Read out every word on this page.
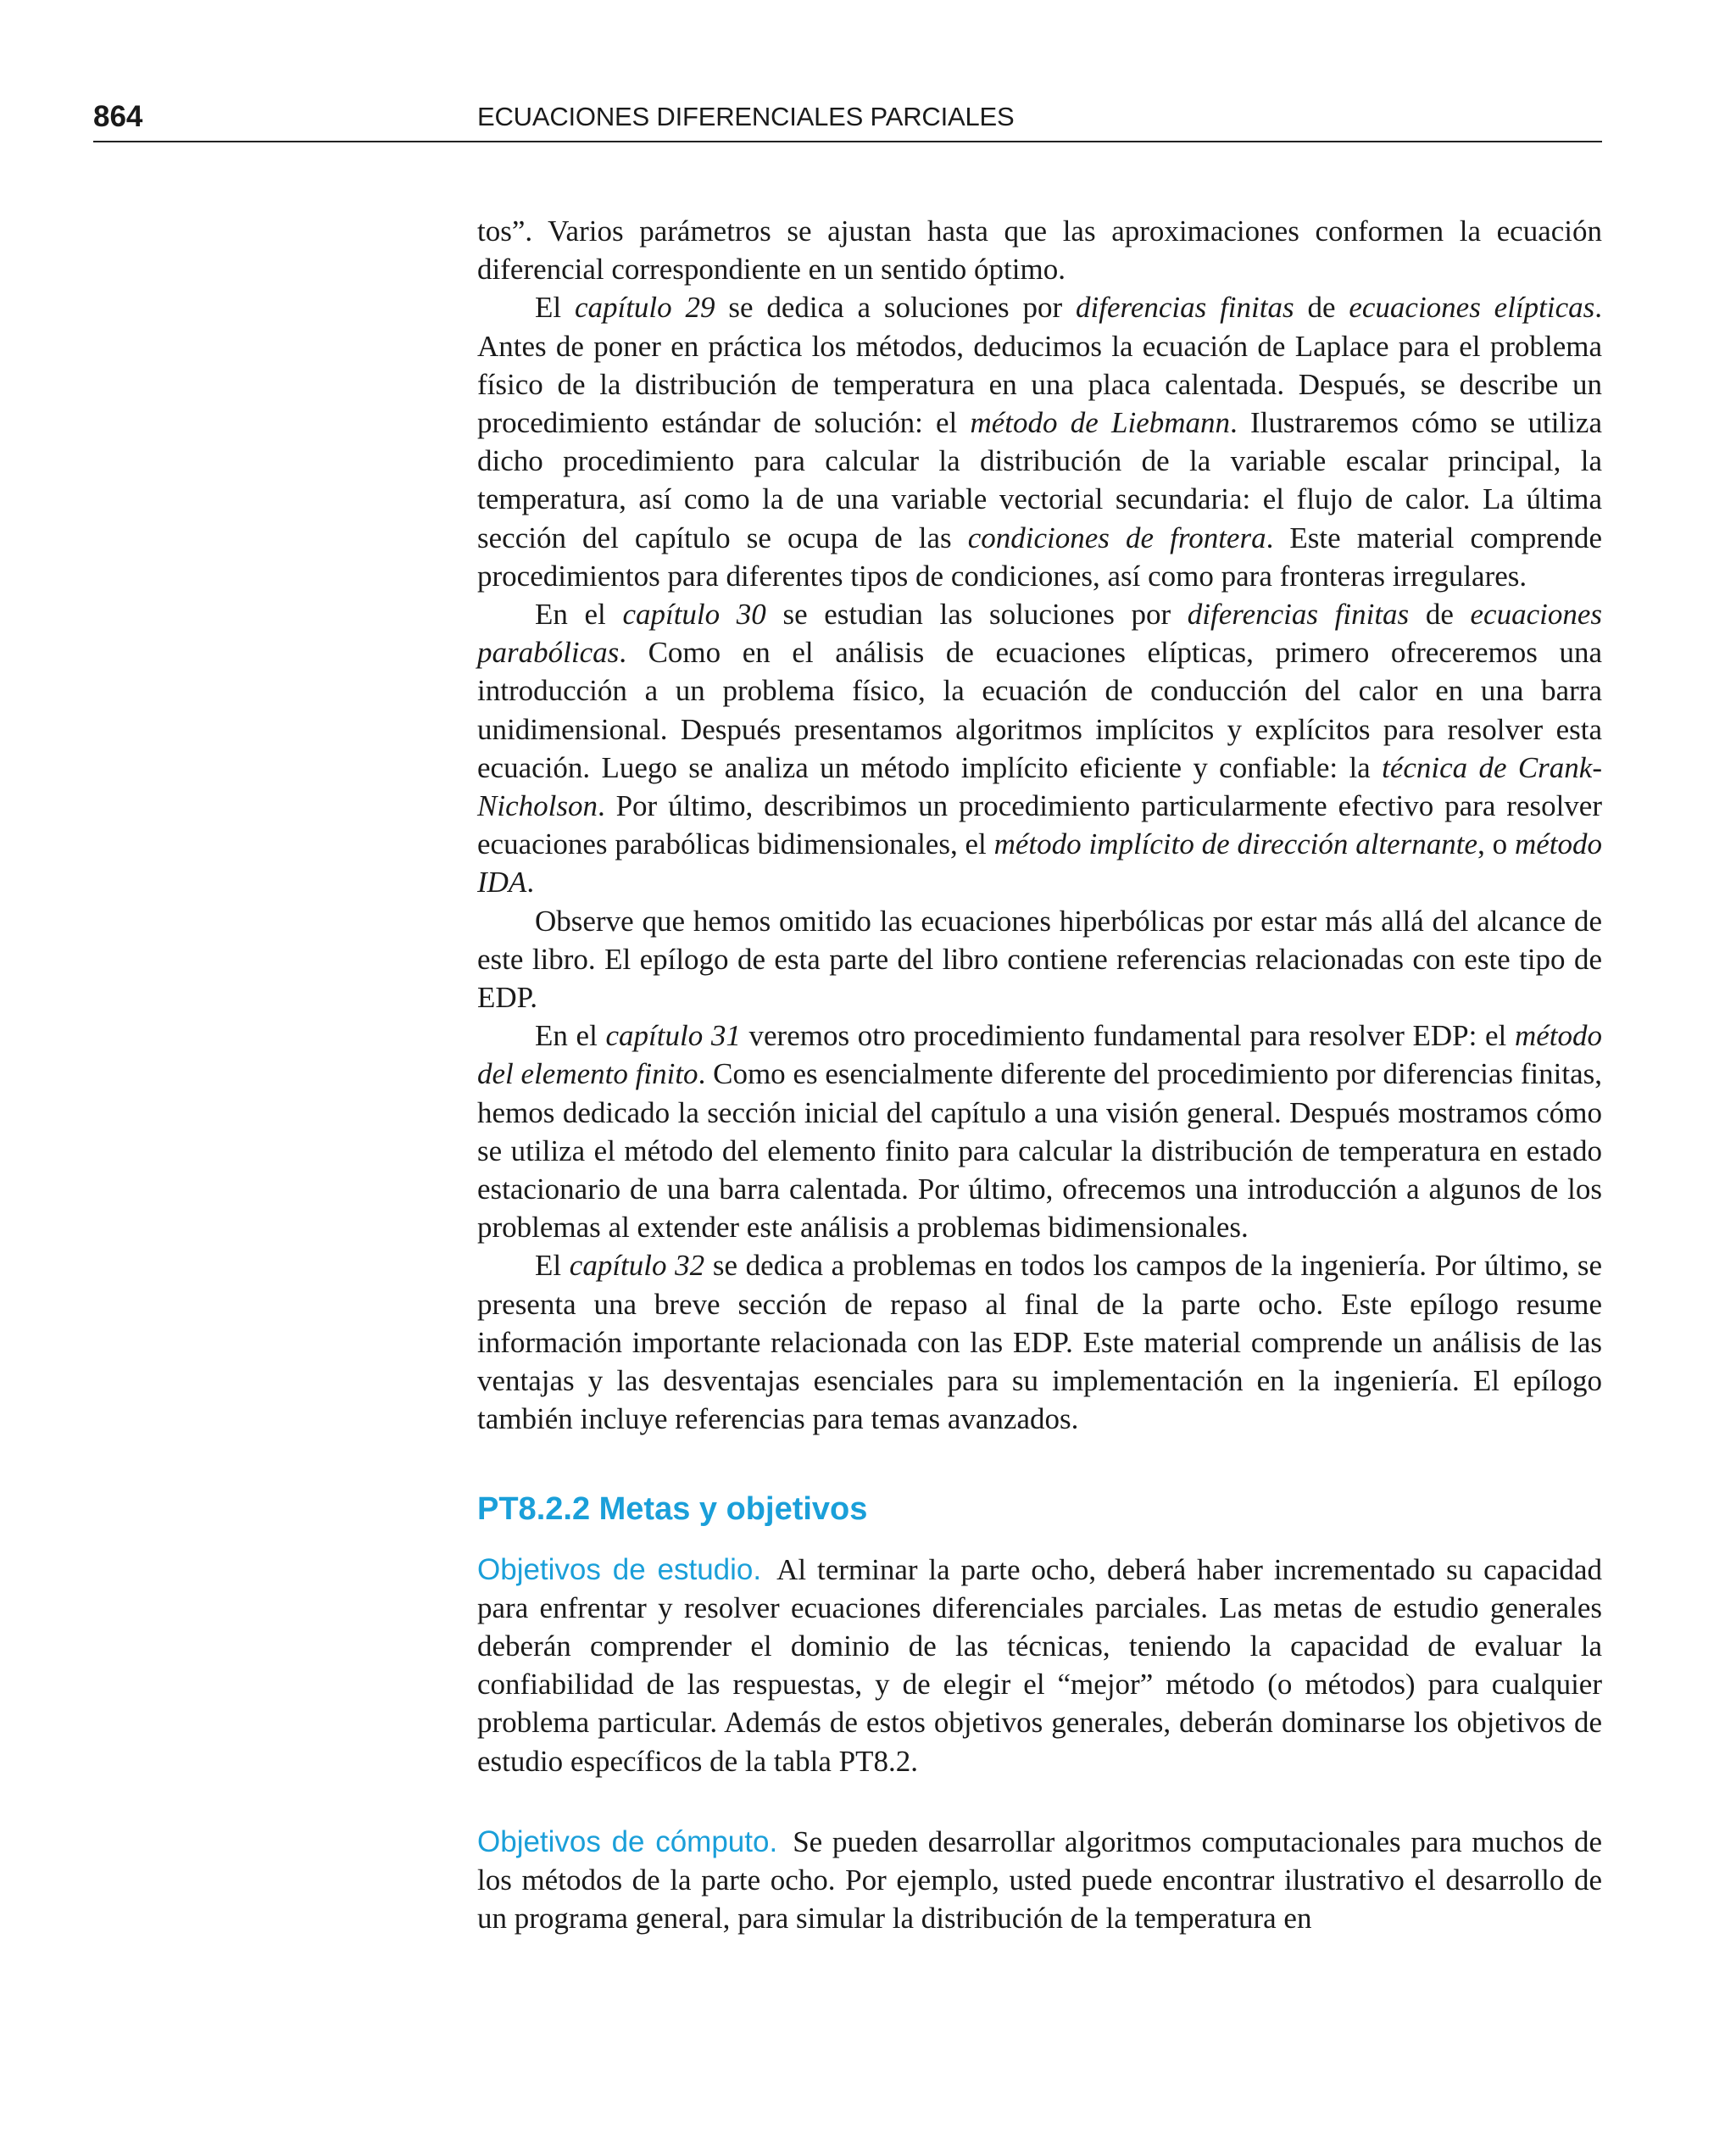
864	ECUACIONES DIFERENCIALES PARCIALES

tos”. Varios parámetros se ajustan hasta que las aproximaciones conformen la ecuación diferencial correspondiente en un sentido óptimo.

El capítulo 29 se dedica a soluciones por diferencias finitas de ecuaciones elípticas. Antes de poner en práctica los métodos, deducimos la ecuación de Laplace para el problema físico de la distribución de temperatura en una placa calentada. Después, se describe un procedimiento estándar de solución: el método de Liebmann. Ilustraremos cómo se utiliza dicho procedimiento para calcular la distribución de la variable escalar principal, la temperatura, así como la de una variable vectorial secundaria: el flujo de calor. La última sección del capítulo se ocupa de las condiciones de frontera. Este material comprende procedimientos para diferentes tipos de condiciones, así como para fronteras irregulares.

En el capítulo 30 se estudian las soluciones por diferencias finitas de ecuaciones parabólicas. Como en el análisis de ecuaciones elípticas, primero ofreceremos una introducción a un problema físico, la ecuación de conducción del calor en una barra unidimensional. Después presentamos algoritmos implícitos y explícitos para resolver esta ecuación. Luego se analiza un método implícito eficiente y confiable: la técnica de Crank-Nicholson. Por último, describimos un procedimiento particularmente efectivo para resolver ecuaciones parabólicas bidimensionales, el método implícito de dirección alternante, o método IDA.

Observe que hemos omitido las ecuaciones hiperbólicas por estar más allá del alcance de este libro. El epílogo de esta parte del libro contiene referencias relacionadas con este tipo de EDP.

En el capítulo 31 veremos otro procedimiento fundamental para resolver EDP: el método del elemento finito. Como es esencialmente diferente del procedimiento por diferencias finitas, hemos dedicado la sección inicial del capítulo a una visión general. Después mostramos cómo se utiliza el método del elemento finito para calcular la distribución de temperatura en estado estacionario de una barra calentada. Por último, ofrecemos una introducción a algunos de los problemas al extender este análisis a problemas bidimensionales.

El capítulo 32 se dedica a problemas en todos los campos de la ingeniería. Por último, se presenta una breve sección de repaso al final de la parte ocho. Este epílogo resume información importante relacionada con las EDP. Este material comprende un análisis de las ventajas y las desventajas esenciales para su implementación en la ingeniería. El epílogo también incluye referencias para temas avanzados.

PT8.2.2 Metas y objetivos

Objetivos de estudio. Al terminar la parte ocho, deberá haber incrementado su capacidad para enfrentar y resolver ecuaciones diferenciales parciales. Las metas de estudio generales deberán comprender el dominio de las técnicas, teniendo la capacidad de evaluar la confiabilidad de las respuestas, y de elegir el “mejor” método (o métodos) para cualquier problema particular. Además de estos objetivos generales, deberán dominarse los objetivos de estudio específicos de la tabla PT8.2.

Objetivos de cómputo. Se pueden desarrollar algoritmos computacionales para muchos de los métodos de la parte ocho. Por ejemplo, usted puede encontrar ilustrativo el desarrollo de un programa general, para simular la distribución de la temperatura en
